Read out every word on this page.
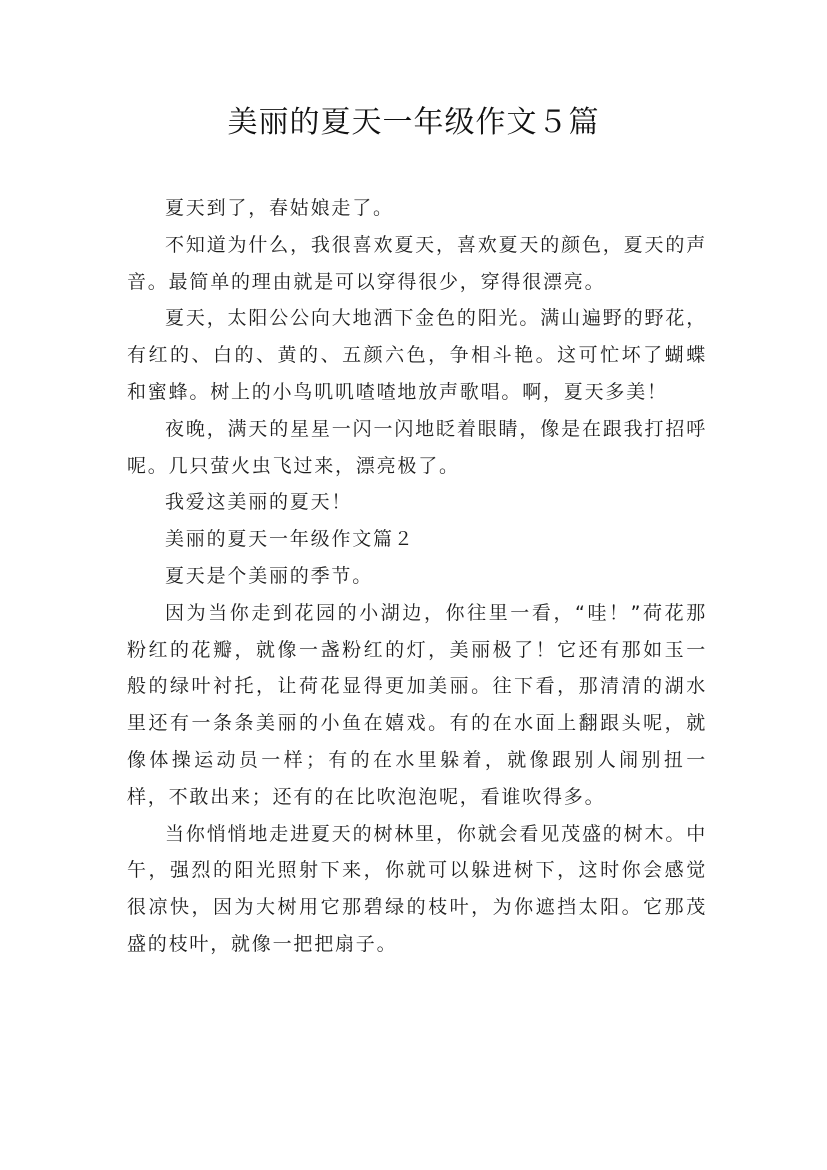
美丽的夏天一年级作文５篇

夏天到了，春姑娘走了。

不知道为什么，我很喜欢夏天，喜欢夏天的颜色，夏天的声音。最简单的理由就是可以穿得很少，穿得很漂亮。

夏天，太阳公公向大地洒下金色的阳光。满山遍野的野花，有红的、白的、黄的、五颜六色，争相斗艳。这可忙坏了蝴蝶和蜜蜂。树上的小鸟叽叽喳喳地放声歌唱。啊，夏天多美！

夜晚，满天的星星一闪一闪地眨着眼睛，像是在跟我打招呼呢。几只萤火虫飞过来，漂亮极了。

我爱这美丽的夏天！

美丽的夏天一年级作文篇２

夏天是个美丽的季节。

因为当你走到花园的小湖边，你往里一看，“哇！”荷花那粉红的花瓣，就像一盏粉红的灯，美丽极了！它还有那如玉一般的绿叶衬托，让荷花显得更加美丽。往下看，那清清的湖水里还有一条条美丽的小鱼在嬉戏。有的在水面上翻跟头呢，就像体操运动员一样；有的在水里躲着，就像跟别人闹别扭一样，不敢出来；还有的在比吹泡泡呢，看谁吹得多。

当你悄悄地走进夏天的树林里，你就会看见茂盛的树木。中午，强烈的阳光照射下来，你就可以躲进树下，这时你会感觉很凉快，因为大树用它那碧绿的枝叶，为你遮挡太阳。它那茂盛的枝叶，就像一把把扇子。
